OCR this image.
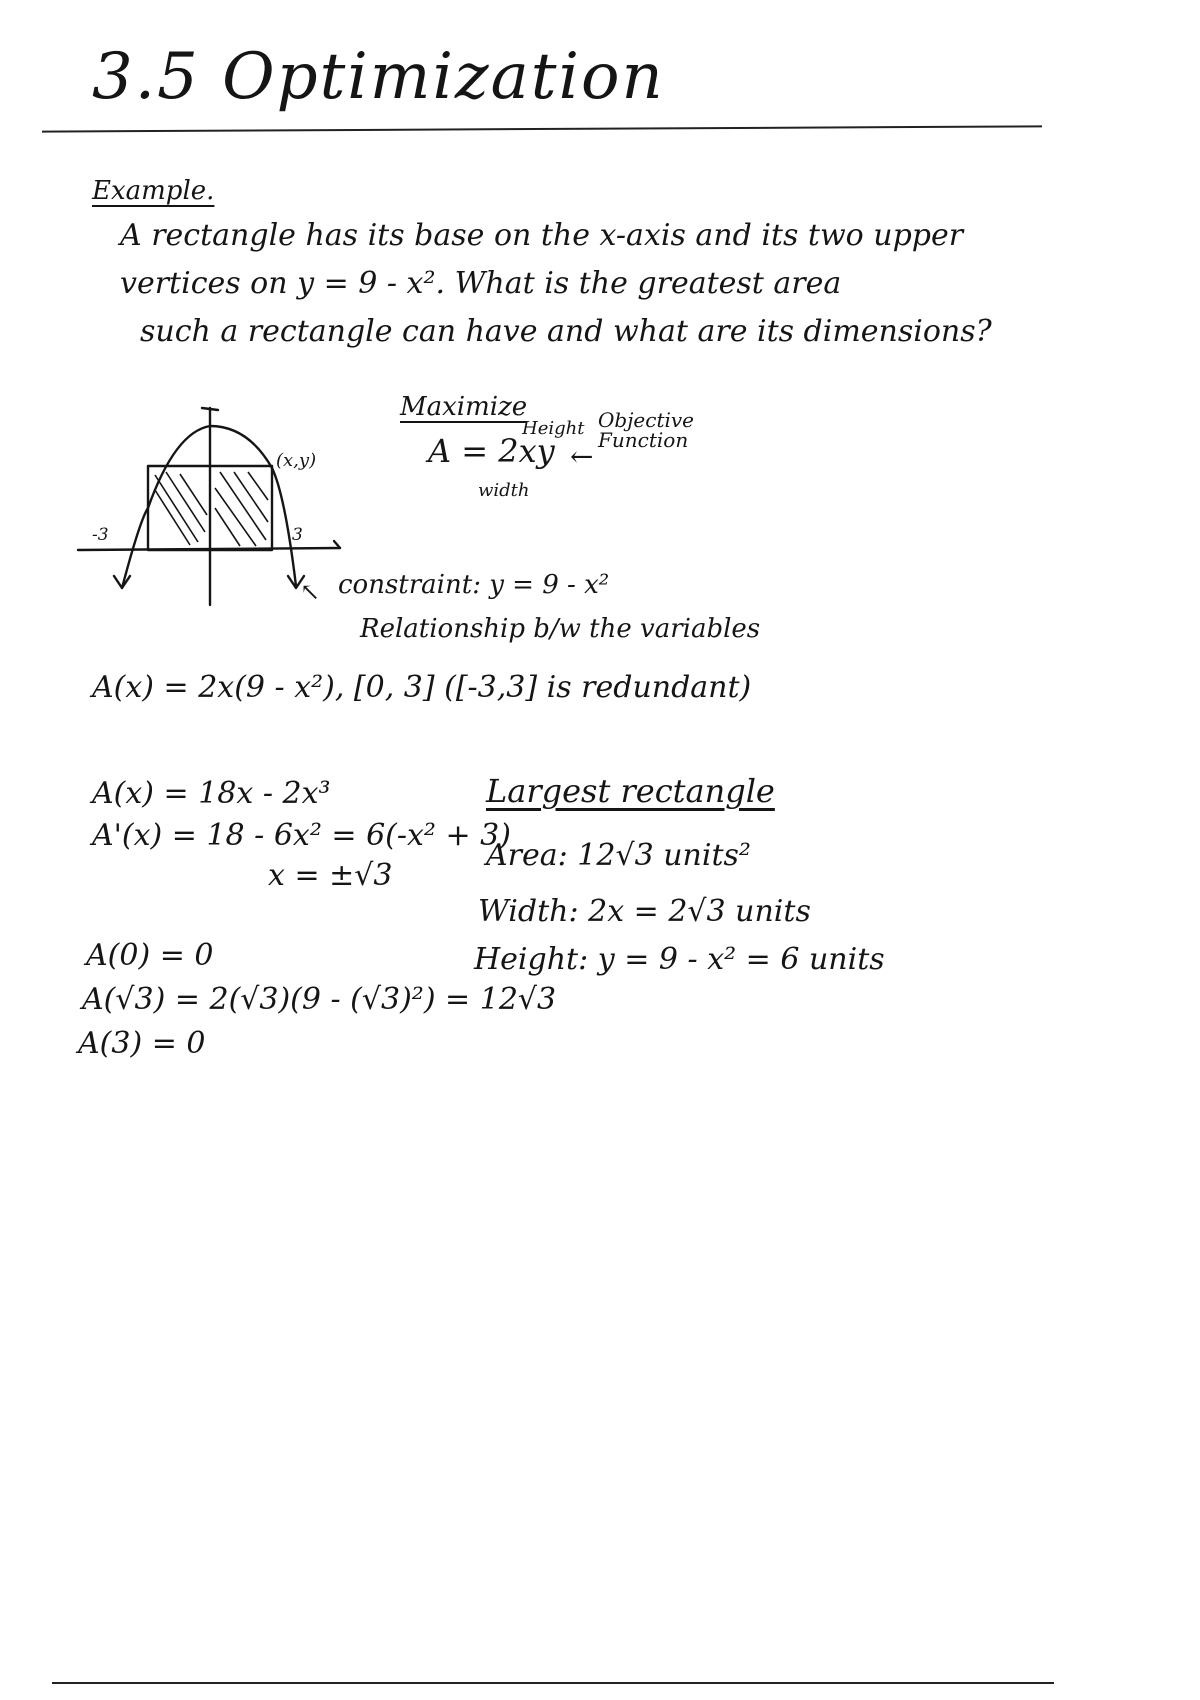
3.5 Optimization
Example.
A rectangle has its base on the x-axis and its two upper
vertices on y = 9 - x². What is the greatest area
such a rectangle can have and what are its dimensions?
(x,y)
-3	3
Maximize
A = 2xy
Height
width
←
Objective Function
↖ constraint: y = 9 - x²
Relationship b/w the variables
A(x) = 2x(9 - x²), [0, 3] ([-3,3] is redundant)
A(x) = 18x - 2x³
A'(x) = 18 - 6x² = 6(-x² + 3)
x = ±√3
A(0) = 0
A(√3) = 2(√3)(9 - (√3)²) = 12√3
A(3) = 0
Largest rectangle
Area: 12√3 units²
Width: 2x = 2√3 units
Height: y = 9 - x² = 6 units
